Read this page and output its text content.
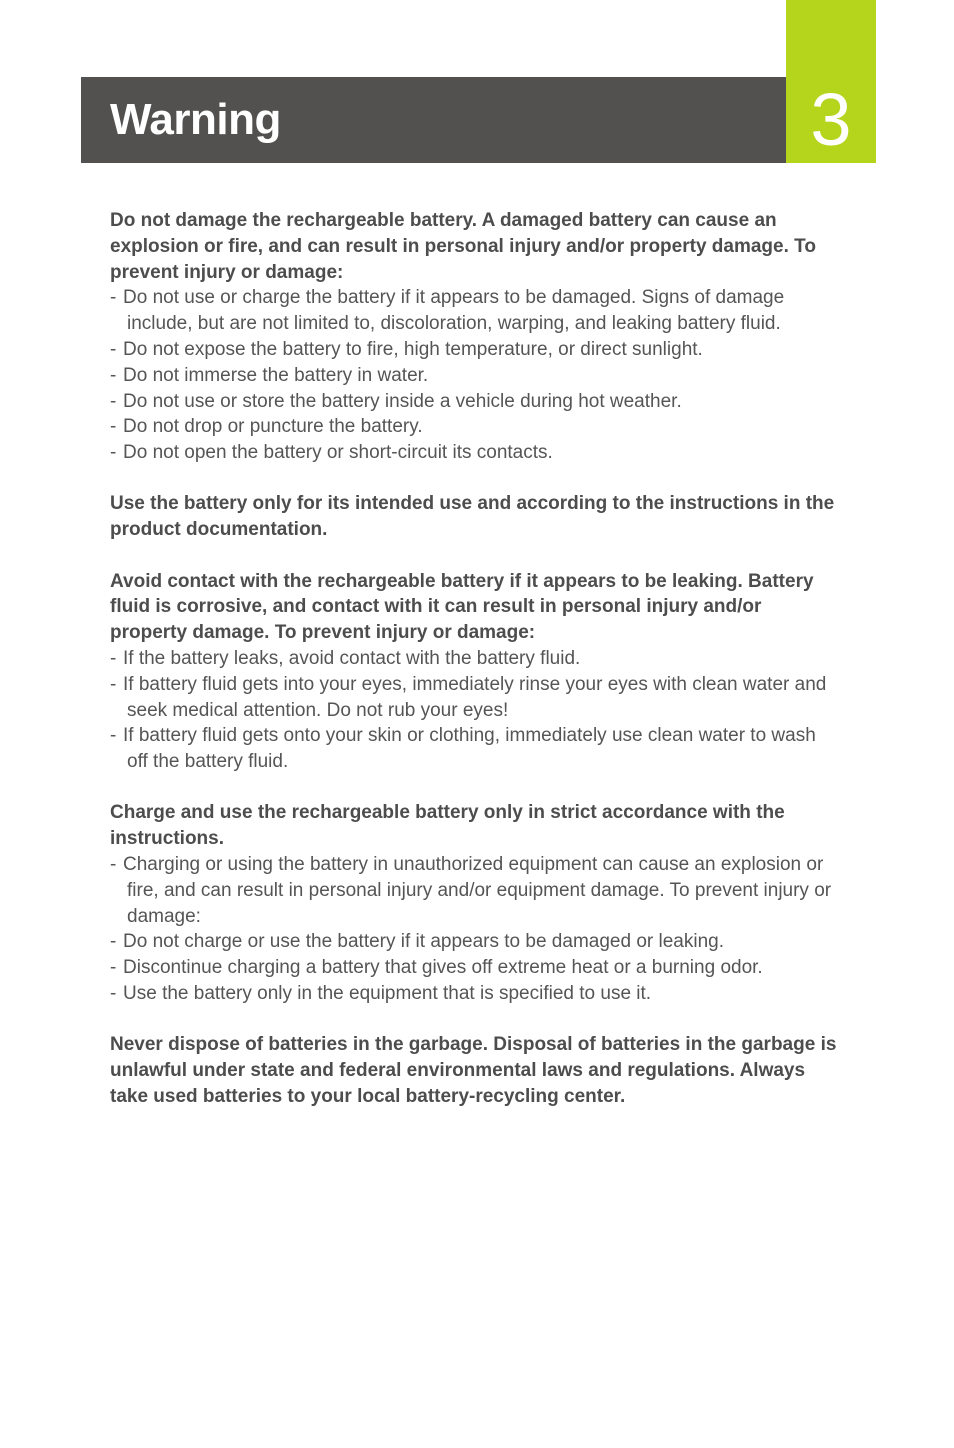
Warning	3

Do not damage the rechargeable battery. A damaged battery can cause an explosion or fire, and can result in personal injury and/or property damage. To prevent injury or damage:

- Do not use or charge the battery if it appears to be damaged. Signs of damage include, but are not limited to, discoloration, warping, and leaking battery fluid.
- Do not expose the battery to fire, high temperature, or direct sunlight.
- Do not immerse the battery in water.
- Do not use or store the battery inside a vehicle during hot weather.
- Do not drop or puncture the battery.
- Do not open the battery or short-circuit its contacts.

Use the battery only for its intended use and according to the instructions in the product documentation.

Avoid contact with the rechargeable battery if it appears to be leaking. Battery fluid is corrosive, and contact with it can result in personal injury and/or property damage. To prevent injury or damage:

- If the battery leaks, avoid contact with the battery fluid.
- If battery fluid gets into your eyes, immediately rinse your eyes with clean water and seek medical attention. Do not rub your eyes!
- If battery fluid gets onto your skin or clothing, immediately use clean water to wash off the battery fluid.

Charge and use the rechargeable battery only in strict accordance with the instructions.

- Charging or using the battery in unauthorized equipment can cause an explosion or fire, and can result in personal injury and/or equipment damage. To prevent injury or damage:
- Do not charge or use the battery if it appears to be damaged or leaking.
- Discontinue charging a battery that gives off extreme heat or a burning odor.
- Use the battery only in the equipment that is specified to use it.

Never dispose of batteries in the garbage. Disposal of batteries in the garbage is unlawful under state and federal environmental laws and regulations. Always take used batteries to your local battery-recycling center.
